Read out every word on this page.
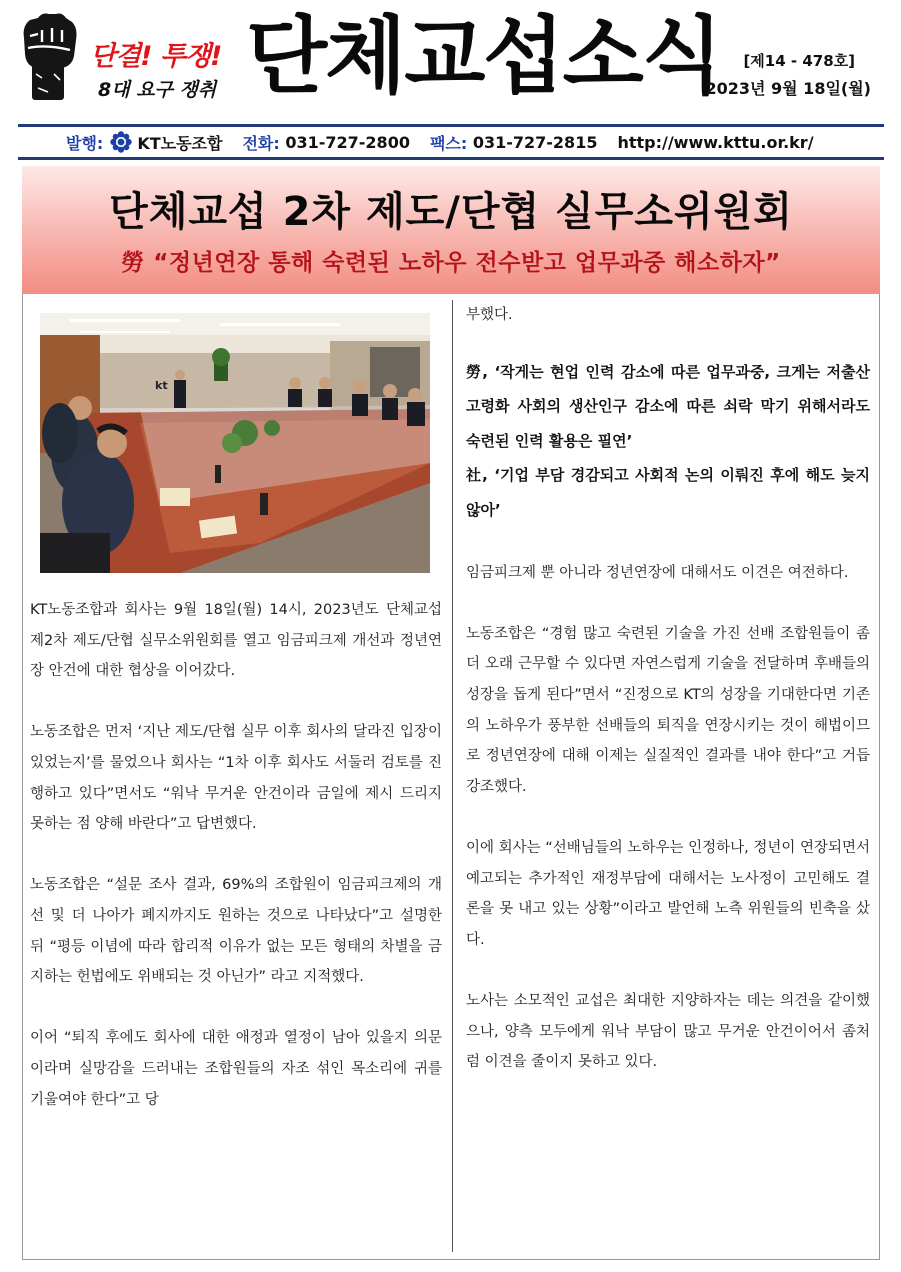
단결! 투쟁!
8대 요구 쟁취 단체교섭소식 [제14 - 478호]
2023년 9월 18일(월)
발행: KT노동조합 전화:
031-727-2800 팩스:
031-727-2815 http://www.kttu.or.kr/
단체교섭 2차 제도/단협 실무소위원회
勞 “정년연장 통해 숙련된 노하우 전수받고 업무과중 해소하자”
kt
KT노동조합과 회사는 9월 18일(월) 14시, 2023년도 단체교섭 제2차 제도/단협 실무소위원회를 열고 임금피크제 개선과 정년연장 안건에 대한 협상을 이어갔다.
노동조합은 먼저 ‘지난 제도/단협 실무 이후 회사의 달라진 입장이 있었는지’를 물었으나 회사는 “1차 이후 회사도 서둘러 검토를 진행하고 있다”면서도 “워낙 무거운 안건이라 금일에 제시 드리지 못하는 점 양해 바란다”고 답변했다.
노동조합은 “설문 조사 결과, 69%의 조합원이 임금피크제의 개선 및 더 나아가 폐지까지도 원하는 것으로 나타났다”고 설명한 뒤 “평등 이념에 따라 합리적 이유가 없는 모든 형태의 차별을 금지하는 헌법에도 위배되는 것 아닌가” 라고 지적했다.
이어 “퇴직 후에도 회사에 대한 애정과 열정이 남아 있을지 의문이라며 실망감을 드러내는 조합원들의 자조 섞인 목소리에 귀를 기울여야 한다”고 당
부했다.
勞, ‘작게는 현업 인력 감소에 따른 업무과중, 크게는 저출산 고령화 사회의 생산인구 감소에 따른 쇠락 막기 위해서라도 숙련된 인력 활용은 필연’
社, ‘기업 부담 경감되고 사회적 논의 이뤄진 후에 해도 늦지 않아’
임금피크제 뿐 아니라 정년연장에 대해서도 이견은 여전하다.
노동조합은 “경험 많고 숙련된 기술을 가진 선배 조합원들이 좀 더 오래 근무할 수 있다면 자연스럽게 기술을 전달하며 후배들의 성장을 돕게 된다”면서 “진정으로 KT의 성장을 기대한다면 기존의 노하우가 풍부한 선배들의 퇴직을 연장시키는 것이 해법이므로 정년연장에 대해 이제는 실질적인 결과를 내야 한다”고 거듭 강조했다.
이에 회사는 “선배님들의 노하우는 인정하나, 정년이 연장되면서 예고되는 추가적인 재정부담에 대해서는 노사정이 고민해도 결론을 못 내고 있는 상황”이라고 발언해 노측 위원들의 빈축을 샀다.
노사는 소모적인 교섭은 최대한 지양하자는 데는 의견을 같이했으나, 양측 모두에게 워낙 부담이 많고 무거운 안건이어서 좀처럼 이견을 줄이지 못하고 있다.
